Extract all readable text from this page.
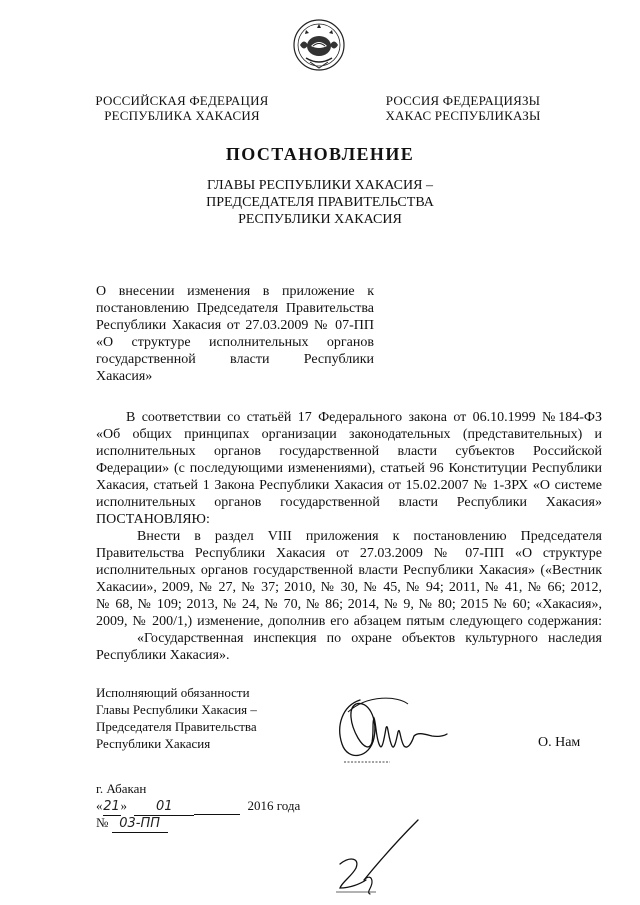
РОССИЙСКАЯ ФЕДЕРАЦИЯ
РЕСПУБЛИКА ХАКАСИЯ
РОССИЯ ФЕДЕРАЦИЯЗЫ
ХАКАС РЕСПУБЛИКАЗЫ
ПОСТАНОВЛЕНИЕ
ГЛАВЫ РЕСПУБЛИКИ ХАКАСИЯ –
ПРЕДСЕДАТЕЛЯ ПРАВИТЕЛЬСТВА
РЕСПУБЛИКИ ХАКАСИЯ
О внесении изменения в приложение к
постановлению Председателя Правительства
Республики Хакасия от 27.03.2009 № 07-ПП
«О структуре исполнительных органов
государственной власти Республики
Хакасия»
В соответствии со статьёй 17 Федерального закона от 06.10.1999 №184-ФЗ
«Об общих принципах организации законодательных (представительных) и
исполнительных органов государственной власти субъектов Российской
Федерации» (с последующими изменениями), статьей 96 Конституции Республики
Хакасия, статьей 1 Закона Республики Хакасия от 15.02.2007 № 1-ЗРХ «О системе
исполнительных органов государственной власти Республики Хакасия»
ПОСТАНОВЛЯЮ:
Внести в раздел VIII приложения к постановлению Председателя
Правительства Республики Хакасия от 27.03.2009 № 07-ПП «О структуре
исполнительных органов государственной власти Республики Хакасия» («Вестник
Хакасии», 2009, № 27, № 37; 2010, № 30, № 45, № 94; 2011, № 41, № 66; 2012,
№ 68, № 109; 2013, № 24, № 70, № 86; 2014, № 9, № 80; 2015 № 60; «Хакасия»,
2009, № 200/1,) изменение, дополнив его абзацем пятым следующего содержания:
«Государственная инспекция по охране объектов культурного наследия
Республики Хакасия».
Исполняющий обязанности
Главы Республики Хакасия –
Председателя Правительства
Республики Хакасия	О. Нам
г. Абакан
«21» 01	2016 года
№ 03-ПП
